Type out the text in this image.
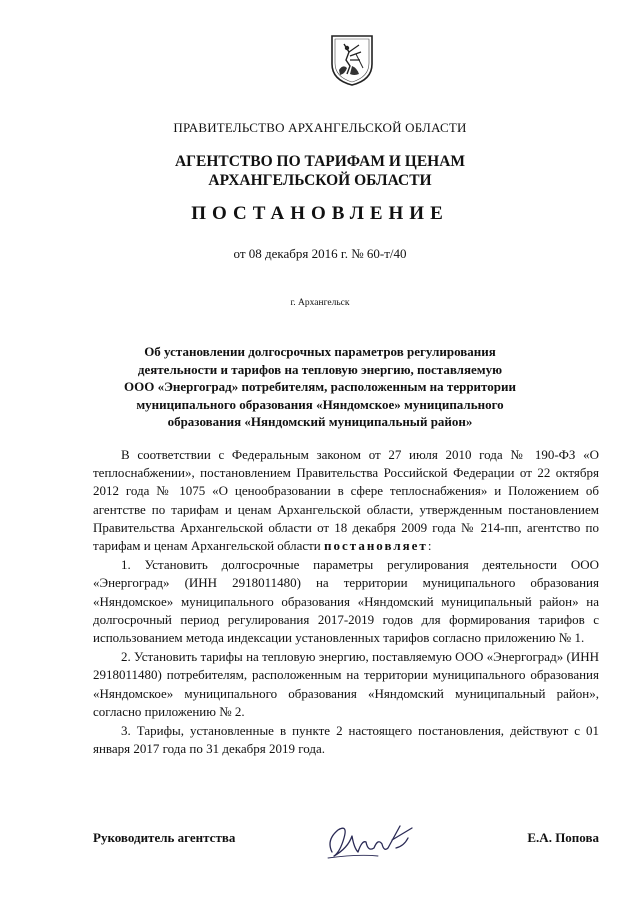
ПРАВИТЕЛЬСТВО АРХАНГЕЛЬСКОЙ ОБЛАСТИ
АГЕНТСТВО ПО ТАРИФАМ И ЦЕНАМ
АРХАНГЕЛЬСКОЙ ОБЛАСТИ
ПОСТАНОВЛЕНИЕ
от 08 декабря 2016 г. № 60-т/40
г. Архангельск
Об установлении долгосрочных параметров регулирования
деятельности и тарифов на тепловую энергию, поставляемую
ООО «Энергоград» потребителям, расположенным на территории
муниципального образования «Няндомское» муниципального
образования «Няндомский муниципальный район»

В соответствии с Федеральным законом от 27 июля 2010 года № 190-ФЗ «О теплоснабжении», постановлением Правительства Российской Федерации от 22 октября 2012 года № 1075 «О ценообразовании в сфере теплоснабжения» и Положением об агентстве по тарифам и ценам Архангельской области, утвержденным постановлением Правительства Архангельской области от 18 декабря 2009 года № 214-пп, агентство по тарифам и ценам Архангельской области постановляет:

1. Установить долгосрочные параметры регулирования деятельности ООО «Энергоград» (ИНН 2918011480) на территории муниципального образования «Няндомское» муниципального образования «Няндомский муниципальный район» на долгосрочный период регулирования 2017-2019 годов для формирования тарифов с использованием метода индексации установленных тарифов согласно приложению № 1.

2. Установить тарифы на тепловую энергию, поставляемую ООО «Энергоград» (ИНН 2918011480) потребителям, расположенным на территории муниципального образования «Няндомское» муниципального образования «Няндомский муниципальный район», согласно приложению № 2.

3. Тарифы, установленные в пункте 2 настоящего постановления, действуют с 01 января 2017 года по 31 декабря 2019 года.

Руководитель агентства	Е.А. Попова
